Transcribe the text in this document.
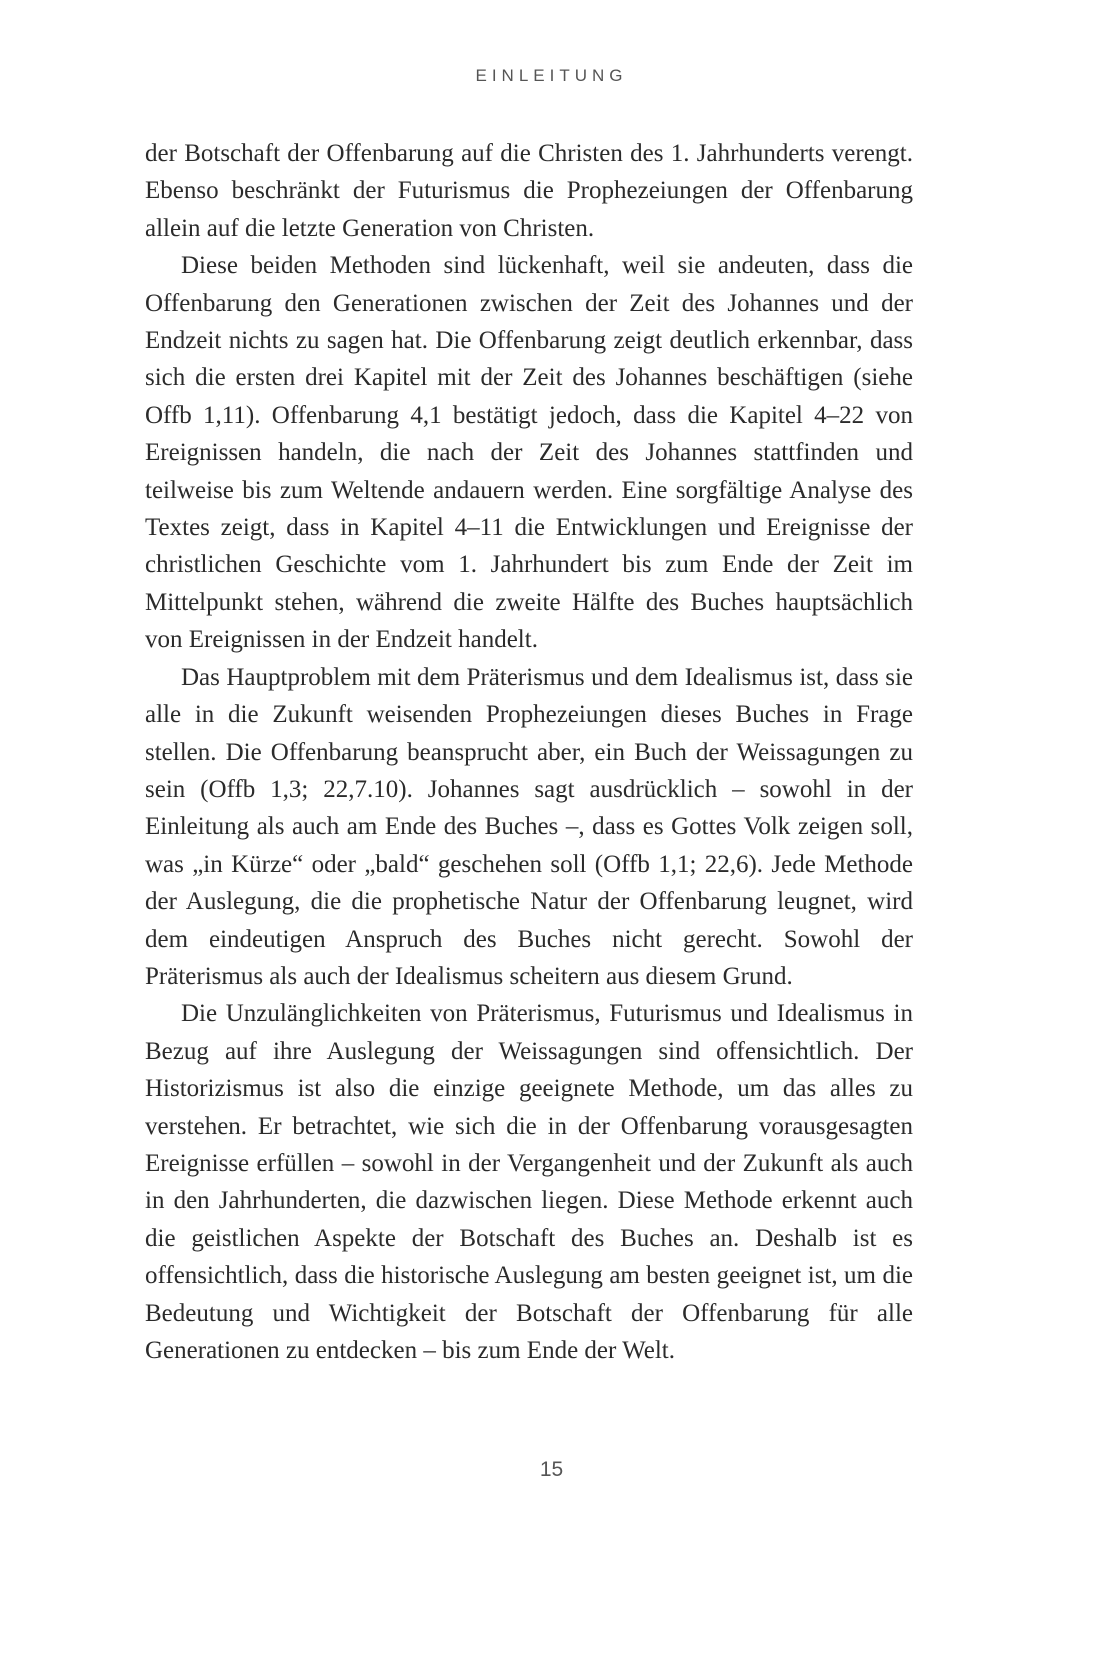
EINLEITUNG

der Botschaft der Offenbarung auf die Christen des 1. Jahrhunderts verengt. Ebenso beschränkt der Futurismus die Prophezeiungen der Offenbarung allein auf die letzte Generation von Christen.

Diese beiden Methoden sind lückenhaft, weil sie andeuten, dass die Offenbarung den Generationen zwischen der Zeit des Johannes und der Endzeit nichts zu sagen hat. Die Offenbarung zeigt deutlich erkennbar, dass sich die ersten drei Kapitel mit der Zeit des Johannes beschäftigen (siehe Offb 1,11). Offenbarung 4,1 bestätigt jedoch, dass die Kapitel 4–22 von Ereignissen handeln, die nach der Zeit des Johannes stattfinden und teilweise bis zum Weltende andauern werden. Eine sorgfältige Analyse des Textes zeigt, dass in Kapitel 4–11 die Entwicklungen und Ereignisse der christlichen Geschichte vom 1. Jahrhundert bis zum Ende der Zeit im Mittelpunkt stehen, während die zweite Hälfte des Buches hauptsächlich von Ereignissen in der Endzeit handelt.

Das Hauptproblem mit dem Präterismus und dem Idealismus ist, dass sie alle in die Zukunft weisenden Prophezeiungen dieses Buches in Frage stellen. Die Offenbarung beansprucht aber, ein Buch der Weissagungen zu sein (Offb 1,3; 22,7.10). Johannes sagt ausdrücklich – sowohl in der Einleitung als auch am Ende des Buches –, dass es Gottes Volk zeigen soll, was „in Kürze“ oder „bald“ geschehen soll (Offb 1,1; 22,6). Jede Methode der Auslegung, die die prophetische Natur der Offenbarung leugnet, wird dem eindeutigen Anspruch des Buches nicht gerecht. Sowohl der Präterismus als auch der Idealismus scheitern aus diesem Grund.

Die Unzulänglichkeiten von Präterismus, Futurismus und Idealismus in Bezug auf ihre Auslegung der Weissagungen sind offensichtlich. Der Historizismus ist also die einzige geeignete Methode, um das alles zu verstehen. Er betrachtet, wie sich die in der Offenbarung vorausgesagten Ereignisse erfüllen – sowohl in der Vergangenheit und der Zukunft als auch in den Jahrhunderten, die dazwischen liegen. Diese Methode erkennt auch die geistlichen Aspekte der Botschaft des Buches an. Deshalb ist es offensichtlich, dass die historische Auslegung am besten geeignet ist, um die Bedeutung und Wichtigkeit der Botschaft der Offenbarung für alle Generationen zu entdecken – bis zum Ende der Welt.

15
